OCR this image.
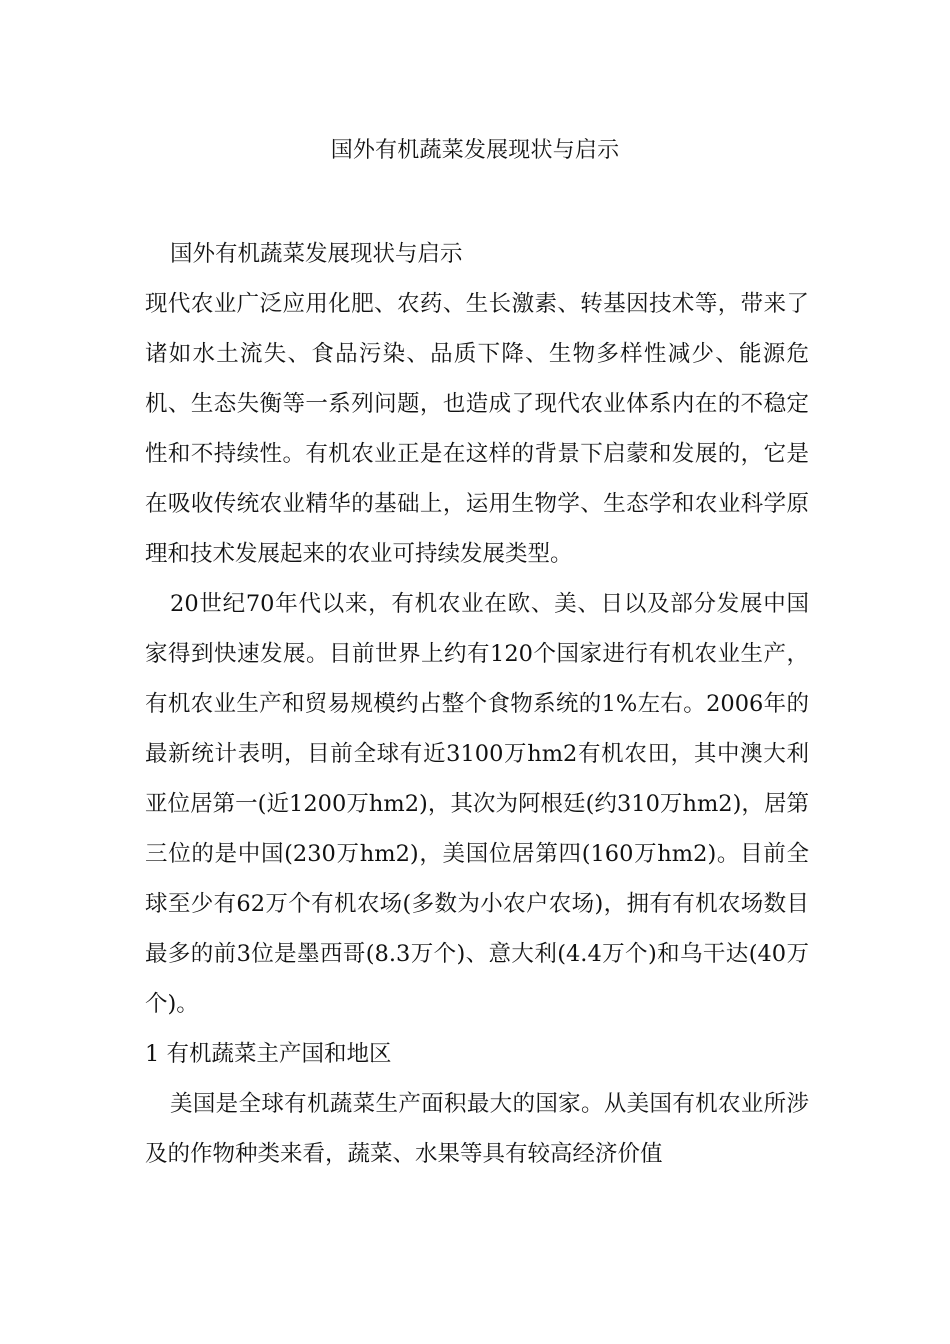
国外有机蔬菜发展现状与启示

国外有机蔬菜发展现状与启示

现代农业广泛应用化肥、农药、生长激素、转基因技术等，带来了诸如水土流失、食品污染、品质下降、生物多样性减少、能源危机、生态失衡等一系列问题，也造成了现代农业体系内在的不稳定性和不持续性。有机农业正是在这样的背景下启蒙和发展的，它是在吸收传统农业精华的基础上，运用生物学、生态学和农业科学原理和技术发展起来的农业可持续发展类型。

20世纪70年代以来，有机农业在欧、美、日以及部分发展中国家得到快速发展。目前世界上约有120个国家进行有机农业生产，有机农业生产和贸易规模约占整个食物系统的1%左右。2006年的最新统计表明，目前全球有近3100万hm2有机农田，其中澳大利亚位居第一(近1200万hm2)，其次为阿根廷(约310万hm2)，居第三位的是中国(230万hm2)，美国位居第四(160万hm2)。目前全球至少有62万个有机农场(多数为小农户农场)，拥有有机农场数目最多的前3位是墨西哥(8.3万个)、意大利(4.4万个)和乌干达(40万个)。

1 有机蔬菜主产国和地区

美国是全球有机蔬菜生产面积最大的国家。从美国有机农业所涉及的作物种类来看，蔬菜、水果等具有较高经济价值
